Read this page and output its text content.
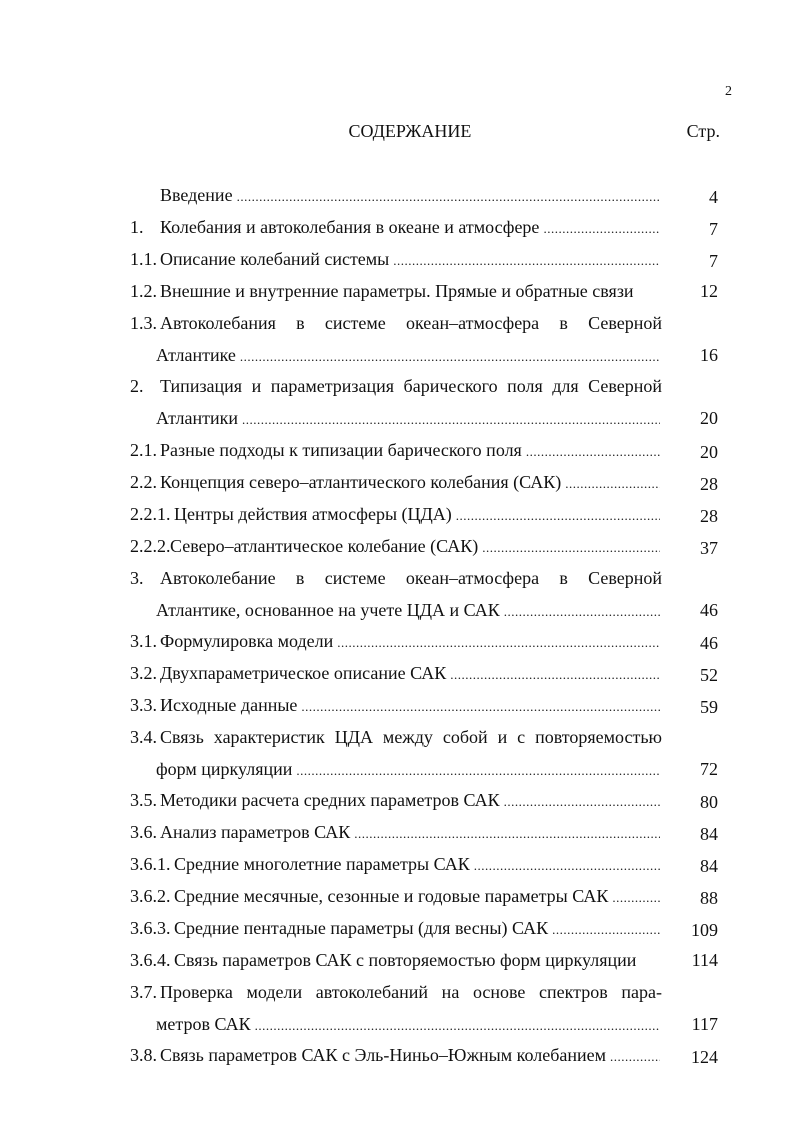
2
СОДЕРЖАНИЕ	Стр.
Введение .....	4
1. Колебания и автоколебания в океане и атмосфере .....	7
1.1. Описание колебаний системы .....	7
1.2. Внешние и внутренние параметры. Прямые и обратные связи	12
1.3. Автоколебания в системе океан–атмосфера в Северной
Атлантике .....	16
2. Типизация и параметризация барического поля для Северной
Атлантики .....	20
2.1. Разные подходы к типизации барического поля .....	20
2.2. Концепция северо–атлантического колебания (САК) .....	28
2.2.1. Центры действия атмосферы (ЦДА) .....	28
2.2.2. Северо–атлантическое колебание (САК) .....	37
3. Автоколебание в системе океан–атмосфера в Северной
Атлантике, основанное на учете ЦДА и САК .....	46
3.1. Формулировка модели .....	46
3.2. Двухпараметрическое описание САК .....	52
3.3. Исходные данные .....	59
3.4. Связь характеристик ЦДА между собой и с повторяемостью
форм циркуляции .....	72
3.5. Методики расчета средних параметров САК .....	80
3.6. Анализ параметров САК .....	84
3.6.1. Средние многолетние параметры САК .....	84
3.6.2. Средние месячные, сезонные и годовые параметры САК .....	88
3.6.3. Средние пентадные параметры (для весны) САК .....	109
3.6.4. Связь параметров САК с повторяемостью форм циркуляции	114
3.7. Проверка модели автоколебаний на основе спектров пара-
метров САК .....	117
3.8. Связь параметров САК с Эль-Ниньо–Южным колебанием .....	124
